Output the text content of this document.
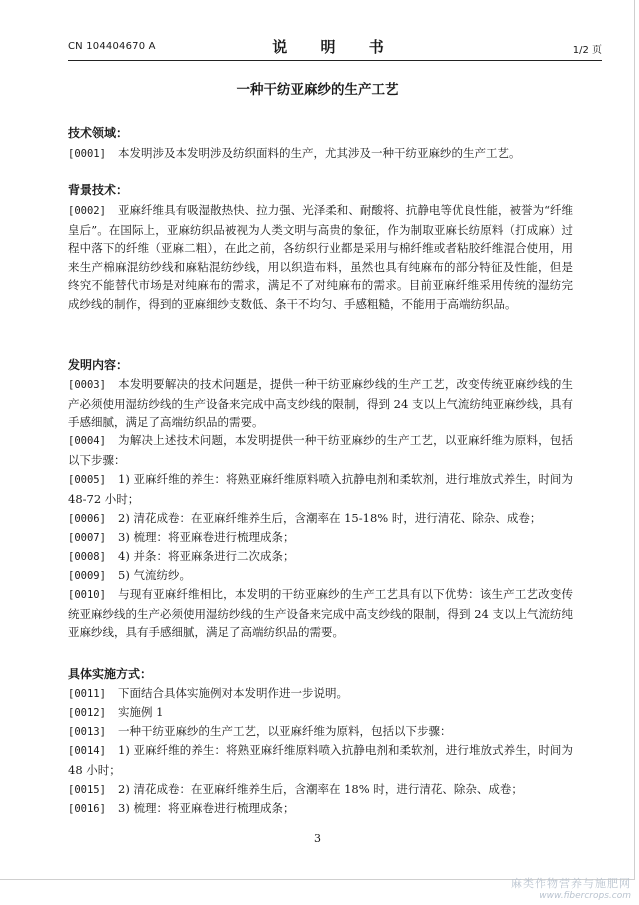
CN 104404670 A	说 明 书	1/2 页
一种干纺亚麻纱的生产工艺
技术领域：
[0001] 本发明涉及本发明涉及纺织面料的生产，尤其涉及一种干纺亚麻纱的生产工艺。
背景技术：
[0002] 亚麻纤维具有吸湿散热快、拉力强、光泽柔和、耐酸将、抗静电等优良性能，被誉为“纤维皇后”。在国际上，亚麻纺织品被视为人类文明与高贵的象征，作为制取亚麻长纺原料（打成麻）过程中落下的纤维（亚麻二粗），在此之前，各纺织行业都是采用与棉纤维或者粘胶纤维混合使用，用来生产棉麻混纺纱线和麻粘混纺纱线，用以织造布料，虽然也具有纯麻布的部分特征及性能，但是终究不能替代市场是对纯麻布的需求，满足不了对纯麻布的需求。目前亚麻纤维采用传统的湿纺完成纱线的制作，得到的亚麻细纱支数低、条干不均匀、手感粗糙，不能用于高端纺织品。
发明内容：
[0003] 本发明要解决的技术问题是，提供一种干纺亚麻纱线的生产工艺，改变传统亚麻纱线的生产必须使用湿纺纱线的生产设备来完成中高支纱线的限制，得到 24 支以上气流纺纯亚麻纱线，具有手感细腻，满足了高端纺织品的需要。
[0004] 为解决上述技术问题，本发明提供一种干纺亚麻纱的生产工艺，以亚麻纤维为原料，包括以下步骤：
[0005] 1) 亚麻纤维的养生：将熟亚麻纤维原料喷入抗静电剂和柔软剂，进行堆放式养生，时间为 48-72 小时；
[0006] 2) 清花成卷：在亚麻纤维养生后，含潮率在 15-18% 时，进行清花、除杂、成卷；
[0007] 3) 梳理：将亚麻卷进行梳理成条；
[0008] 4) 并条：将亚麻条进行二次成条；
[0009] 5) 气流纺纱。
[0010] 与现有亚麻纤维相比，本发明的干纺亚麻纱的生产工艺具有以下优势：该生产工艺改变传统亚麻纱线的生产必须使用湿纺纱线的生产设备来完成中高支纱线的限制，得到 24 支以上气流纺纯亚麻纱线，具有手感细腻，满足了高端纺织品的需要。
具体实施方式：
[0011] 下面结合具体实施例对本发明作进一步说明。
[0012] 实施例 1
[0013] 一种干纺亚麻纱的生产工艺，以亚麻纤维为原料，包括以下步骤：
[0014] 1) 亚麻纤维的养生：将熟亚麻纤维原料喷入抗静电剂和柔软剂，进行堆放式养生，时间为 48 小时；
[0015] 2) 清花成卷：在亚麻纤维养生后，含潮率在 18% 时，进行清花、除杂、成卷；
[0016] 3) 梳理：将亚麻卷进行梳理成条；
3
麻类作物营养与施肥网
www.fibercrops.com
